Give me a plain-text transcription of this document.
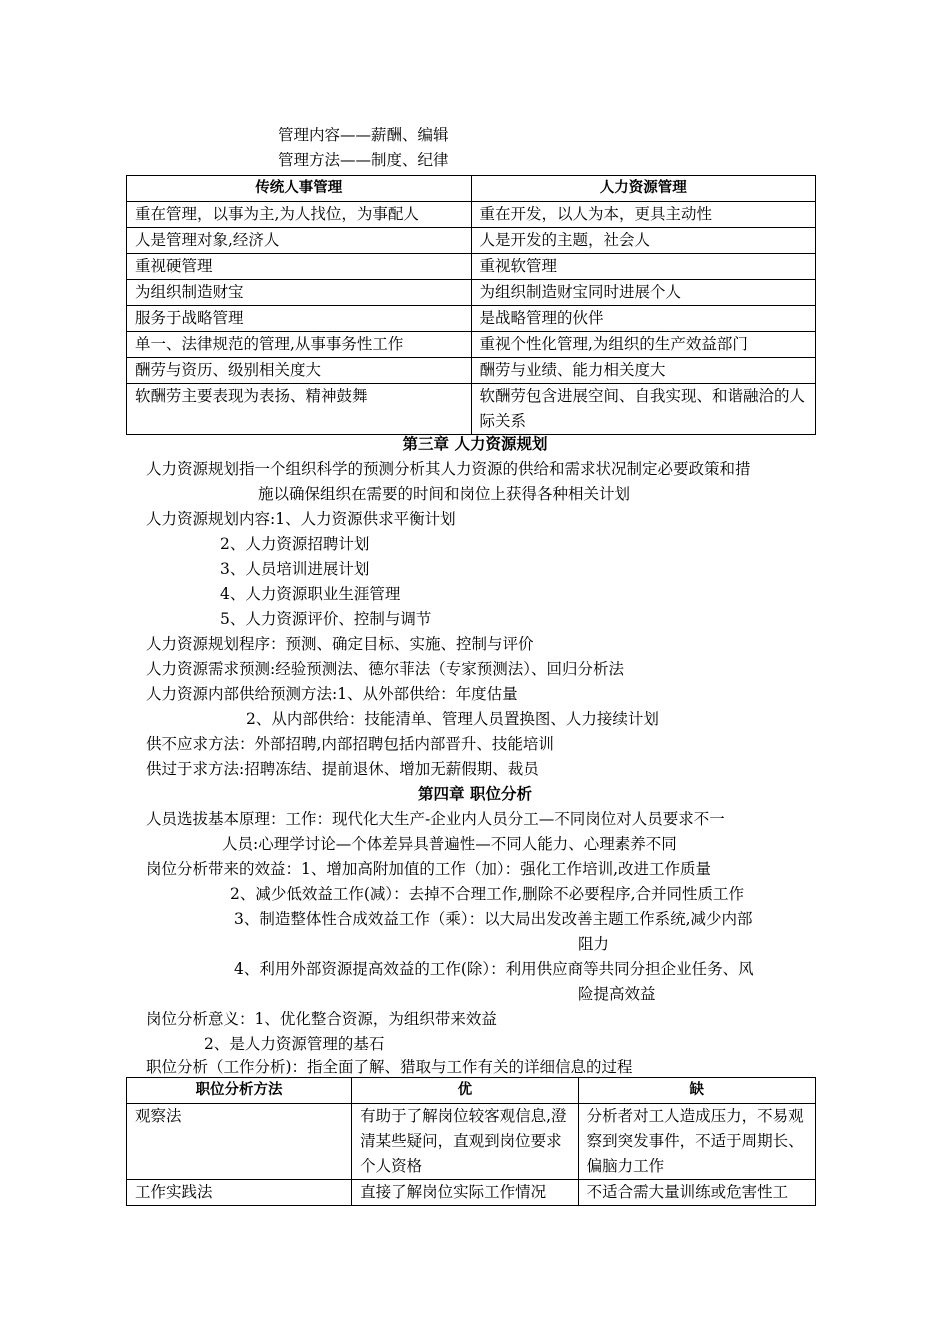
管理内容——薪酬、编辑
管理方法——制度、纪律
传统人事管理	人力资源管理
重在管理，以事为主,为人找位，为事配人	重在开发，以人为本，更具主动性
人是管理对象,经济人	人是开发的主题，社会人
重视硬管理	重视软管理
为组织制造财宝	为组织制造财宝同时进展个人
服务于战略管理	是战略管理的伙伴
单一、法律规范的管理,从事事务性工作	重视个性化管理,为组织的生产效益部门
酬劳与资历、级别相关度大	酬劳与业绩、能力相关度大
软酬劳主要表现为表扬、精神鼓舞	软酬劳包含进展空间、自我实现、和谐融洽的人际关系
第三章 人力资源规划
人力资源规划指一个组织科学的预测分析其人力资源的供给和需求状况制定必要政策和措
施以确保组织在需要的时间和岗位上获得各种相关计划
人力资源规划内容:1、人力资源供求平衡计划
2、人力资源招聘计划
3、人员培训进展计划
4、人力资源职业生涯管理
5、人力资源评价、控制与调节
人力资源规划程序：预测、确定目标、实施、控制与评价
人力资源需求预测:经验预测法、德尔菲法（专家预测法）、回归分析法
人力资源内部供给预测方法:1、从外部供给：年度估量
2、从内部供给：技能清单、管理人员置换图、人力接续计划
供不应求方法：外部招聘,内部招聘包括内部晋升、技能培训
供过于求方法:招聘冻结、提前退休、增加无薪假期、裁员
第四章 职位分析
人员选拔基本原理：工作：现代化大生产-企业内人员分工—不同岗位对人员要求不一
人员:心理学讨论—个体差异具普遍性—不同人能力、心理素养不同
岗位分析带来的效益：1、增加高附加值的工作（加）：强化工作培训,改进工作质量
2、减少低效益工作(减）：去掉不合理工作,删除不必要程序,合并同性质工作
3、制造整体性合成效益工作（乘）：以大局出发改善主题工作系统,减少内部
阻力
4、利用外部资源提高效益的工作(除）：利用供应商等共同分担企业任务、风
险提高效益
岗位分析意义：1、优化整合资源，为组织带来效益
2、是人力资源管理的基石
职位分析（工作分析)：指全面了解、猎取与工作有关的详细信息的过程
职位分析方法	优	缺
观察法	有助于了解岗位较客观信息,澄清某些疑问，直观到岗位要求个人资格	分析者对工人造成压力，不易观察到突发事件，不适于周期长、偏脑力工作
工作实践法	直接了解岗位实际工作情况	不适合需大量训练或危害性工
